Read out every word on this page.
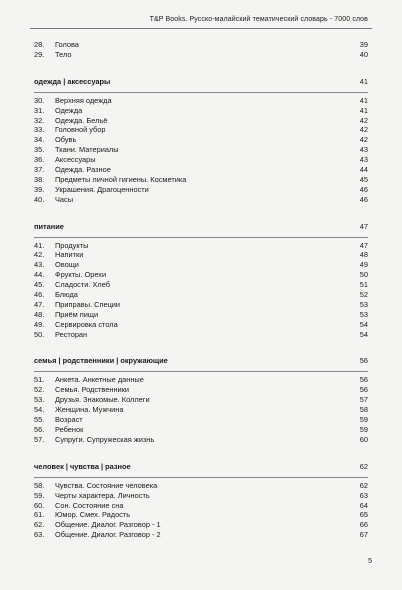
T&P Books. Русско-малайский тематический словарь - 7000 слов
28.	Голова	39
29.	Тело	40
одежда | аксессуары	41
30.	Верхняя одежда	41
31.	Одежда	41
32.	Одежда. Бельё	42
33.	Головной убор	42
34.	Обувь	42
35.	Ткани. Материалы	43
36.	Аксессуары	43
37.	Одежда. Разное	44
38.	Предметы личной гигиены. Косметика	45
39.	Украшения. Драгоценности	46
40.	Часы	46
питание	47
41.	Продукты	47
42.	Напитки	48
43.	Овощи	49
44.	Фрукты. Орехи	50
45.	Сладости. Хлеб	51
46.	Блюда	52
47.	Приправы. Специи	53
48.	Приём пищи	53
49.	Сервировка стола	54
50.	Ресторан	54
семья | родственники | окружающие	56
51.	Анкета. Анкетные данные	56
52.	Семья. Родственники	56
53.	Друзья. Знакомые. Коллеги	57
54.	Женщина. Мужчина	58
55.	Возраст	59
56.	Ребенок	59
57.	Супруги. Супружеская жизнь	60
человек | чувства | разное	62
58.	Чувства. Состояние человека	62
59.	Черты характера. Личность	63
60.	Сон. Состояние сна	64
61.	Юмор. Смех. Радость	65
62.	Общение. Диалог. Разговор - 1	66
63.	Общение. Диалог. Разговор - 2	67
5
